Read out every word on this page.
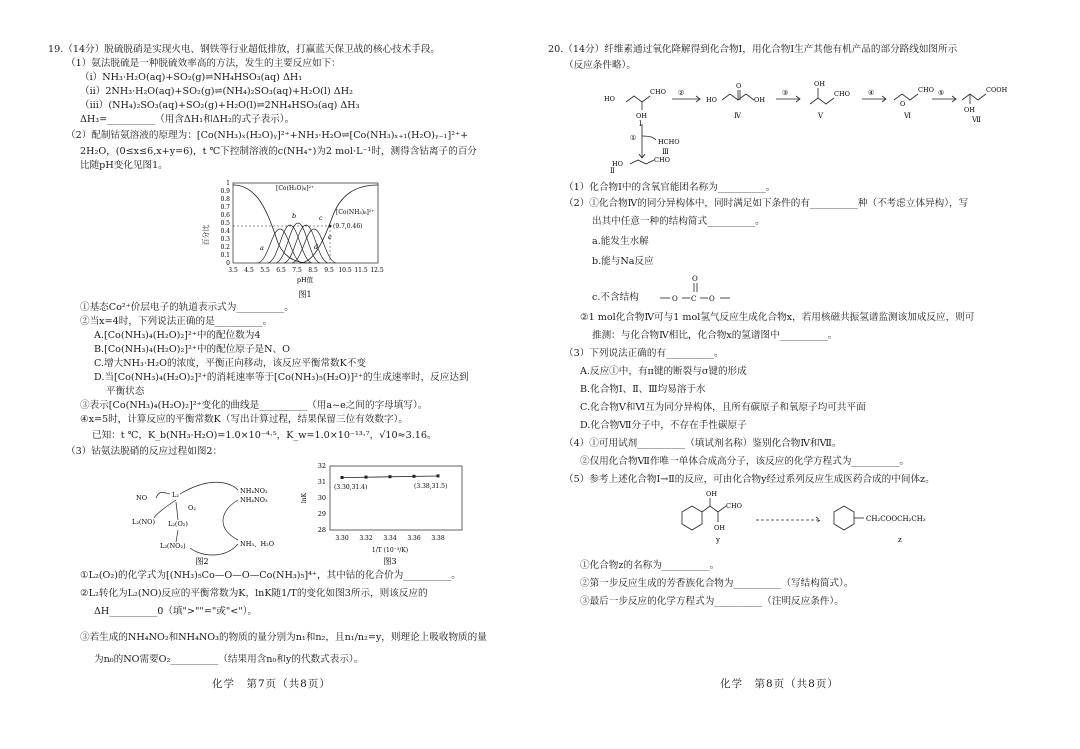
19.（14分）脱硫脱硝是实现火电、钢铁等行业超低排放，打赢蓝天保卫战的核心技术手段。
（1）氨法脱硫是一种脱硫效率高的方法，发生的主要反应如下：
（i）NH₃·H₂O(aq)+SO₂(g)⇌NH₄HSO₃(aq) ΔH₁
（ii）2NH₃·H₂O(aq)+SO₂(g)⇌(NH₄)₂SO₃(aq)+H₂O(l) ΔH₂
（iii）(NH₄)₂SO₃(aq)+SO₂(g)+H₂O(l)⇌2NH₄HSO₃(aq) ΔH₃
ΔH₃=__________（用含ΔH₁和ΔH₂的式子表示）。
（2）配制钴氨溶液的原理为：[Co(NH₃)ₓ(H₂O)ᵧ]²⁺+NH₃·H₂O⇌[Co(NH₃)ₓ₊₁(H₂O)ᵧ₋₁]²⁺+
2H₂O，(0≤x≤6,x+y=6)，t ℃下控制溶液的c(NH₄⁺)为2 mol·L⁻¹时，测得含钴离子的百分
比随pH变化见图1。
百分比
1
0.9
0.8
0.7
0.6
0.5
0.4
0.3
0.2
0.1
0
3.5 4.5 5.5 6.5 7.5 8.5 9.5 10.5 11.5 12.5
pH值
图1
[Co(H₂O)₆]²⁺
[Co(NH₃)₆]²⁺
(9.7,0.46)
a
b	c
d
e
①基态Co²⁺价层电子的轨道表示式为__________。
②当x=4时，下列说法正确的是__________。
A.[Co(NH₃)₄(H₂O)₂]²⁺中的配位数为4
B.[Co(NH₃)₄(H₂O)₂]²⁺中的配位原子是N、O
C.增大NH₃·H₂O的浓度，平衡正向移动，该反应平衡常数K不变
D.当[Co(NH₃)₄(H₂O)₂]²⁺的消耗速率等于[Co(NH₃)₅(H₂O)]²⁺的生成速率时，反应达到
平衡状态
③表示[Co(NH₃)₄(H₂O)₂]²⁺变化的曲线是__________（用a~e之间的字母填写）。
④x=5时，计算反应的平衡常数K（写出计算过程，结果保留三位有效数字）。
已知：t ℃，K_b(NH₃·H₂O)=1.0×10⁻⁴·⁵，K_w=1.0×10⁻¹³·⁷，√10≈3.16。
（3）钴氨法脱硝的反应过程如图2：
NO	L₂
O₂
L₂(NO) L₂(O₂)
L₂(NO₂)
NH₄NO₂
NH₄NO₃
NH₃、H₂O
图2
32
31
30
29
28
lnK
3.30 3.32 3.34 3.36 3.38
1/T (10⁻³/K)
图3
(3.30,31.4)	(3.38,31.5)
①L₂(O₂)的化学式为[(NH₃)₅Co—O—O—Co(NH₃)₅]⁴⁺，其中钴的化合价为__________。
②L₂转化为L₂(NO)反应的平衡常数为K，lnK随1/T的变化如图3所示，则该反应的
ΔH__________0（填">""="或"<"）。
③若生成的NH₄NO₂和NH₄NO₃的物质的量分别为n₁和n₂，且n₁/n₂=y，则理论上吸收物质的量
为n₀的NO需要O₂__________（结果用含n₀和y的代数式表示）。
化学　第7页（共8页）
20.（14分）纤维素通过氧化降解得到化合物Ⅰ，用化合物Ⅰ生产其他有机产品的部分路线如图所示
（反应条件略）。
HO
CHO
OH
Ⅰ
②
HO	OH
O
Ⅳ
③	CHO
OH
Ⅴ
④	CHO
O
Ⅵ
⑤	COOH
OH
Ⅶ
①	HCHO
Ⅲ
HO	CHO
Ⅱ
（1）化合物Ⅰ中的含氧官能团名称为__________。
（2）①化合物Ⅳ的同分异构体中，同时满足如下条件的有__________种（不考虑立体异构），写
出其中任意一种的结构简式__________。
a.能发生水解
b.能与Na反应
c.不含结构	O C O
O
②1 mol化合物Ⅳ可与1 mol氢气反应生成化合物x，若用核磁共振氢谱监测该加成反应，则可
推测：与化合物Ⅳ相比，化合物x的氢谱图中__________。
（3）下列说法正确的有__________。
A.反应①中，有π键的断裂与σ键的形成
B.化合物Ⅰ、Ⅱ、Ⅲ均易溶于水
C.化合物Ⅴ和Ⅵ互为同分异构体，且所有碳原子和氧原子均可共平面
D.化合物Ⅶ分子中，不存在手性碳原子
（4）①可用试剂__________（填试剂名称）鉴别化合物Ⅳ和Ⅶ。
②仅用化合物Ⅶ作唯一单体合成高分子，该反应的化学方程式为__________。
（5）参考上述化合物Ⅰ→Ⅱ的反应，可由化合物y经过系列反应生成医药合成的中间体z。
OH
CHO
OH
y
CH₂COOCH₂CH₃
z
①化合物z的名称为__________。
②第一步反应生成的芳香族化合物为__________（写结构简式）。
③最后一步反应的化学方程式为__________（注明反应条件）。
化学　第8页（共8页）
